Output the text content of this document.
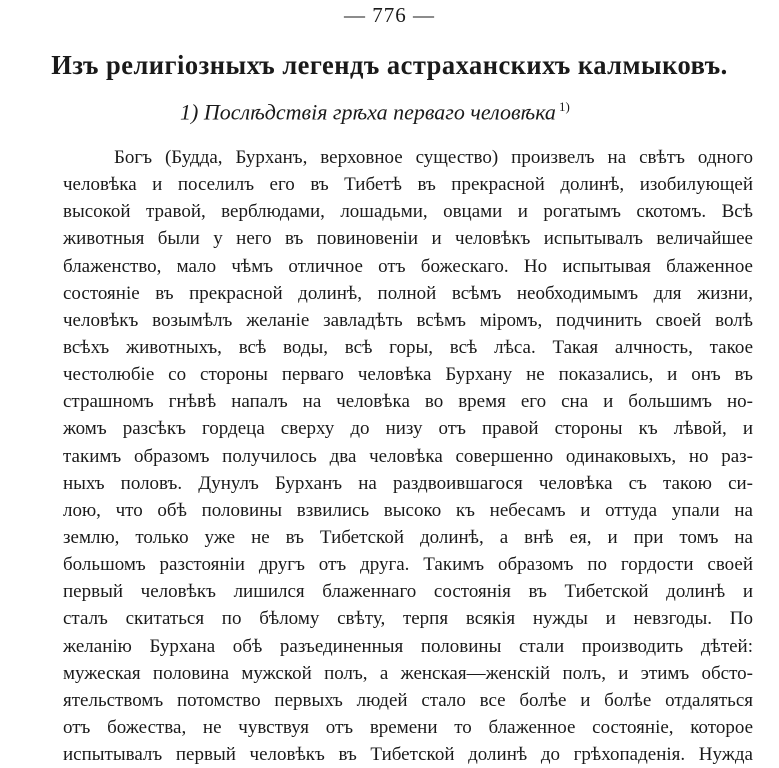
— 776 —
Изъ религіозныхъ легендъ астраханскихъ калмыковъ.
1) Послѣдствія грѣха перваго человѣка $^{1)}$
Богъ (Будда, Бурханъ, верховное существо) произвелъ на свѣтъ одного
человѣка и поселилъ его въ Тибетѣ въ прекрасной долинѣ, изобилующей
высокой травой, верблюдами, лошадьми, овцами и рогатымъ скотомъ. Всѣ
животныя были у него въ повиновеніи и человѣкъ испытывалъ величайшее
блаженство, мало чѣмъ отличное отъ божескаго. Но испытывая блаженное
состояніе въ прекрасной долинѣ, полной всѣмъ необходимымъ для жизни,
человѣкъ возымѣлъ желаніе завладѣть всѣмъ міромъ, подчинить своей волѣ
всѣхъ животныхъ, всѣ воды, всѣ горы, всѣ лѣса. Такая алчность, такое
честолюбіе со стороны перваго человѣка Бурхану не показались, и онъ въ
страшномъ гнѣвѣ напалъ на человѣка во время его сна и большимъ но-
жомъ разсѣкъ гордеца сверху до низу отъ правой стороны къ лѣвой, и
такимъ образомъ получилось два человѣка совершенно одинаковыхъ, но раз-
ныхъ половъ. Дунулъ Бурханъ на раздвоившагося человѣка съ такою си-
лою, что обѣ половины взвились высоко къ небесамъ и оттуда упали на
землю, только уже не въ Тибетской долинѣ, а внѣ ея, и при томъ на
большомъ разстояніи другъ отъ друга. Такимъ образомъ по гордости своей
первый человѣкъ лишился блаженнаго состоянія въ Тибетской долинѣ и
сталъ скитаться по бѣлому свѣту, терпя всякія нужды и невзгоды. По
желанію Бурхана обѣ разъединенныя половины стали производить дѣтей:
мужеская половина мужской полъ, а женская—женскій полъ, и этимъ обсто-
ятельствомъ потомство первыхъ людей стало все болѣе и болѣе отдаляться
отъ божества, не чувствуя отъ времени то блаженное состояніе, которое
испытывалъ первый человѣкъ въ Тибетской долинѣ до грѣхопаденія. Нужда
